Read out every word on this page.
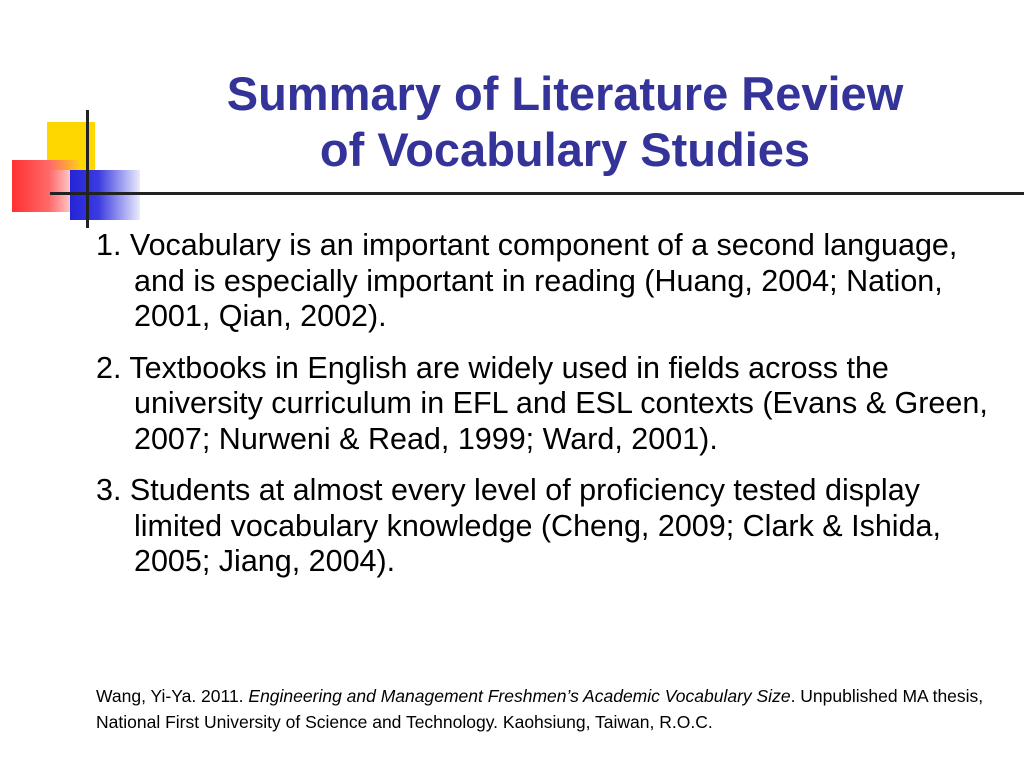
Summary of Literature Review
of Vocabulary Studies
1. Vocabulary is an important component of a second language, and is especially important in reading (Huang, 2004; Nation, 2001, Qian, 2002).
2. Textbooks in English are widely used in fields across the university curriculum in EFL and ESL contexts (Evans & Green, 2007; Nurweni & Read, 1999; Ward, 2001).
3. Students at almost every level of proficiency tested display limited vocabulary knowledge (Cheng, 2009; Clark & Ishida, 2005; Jiang, 2004).

Wang, Yi-Ya. 2011. Engineering and Management Freshmen’s Academic Vocabulary Size. Unpublished MA thesis, National First University of Science and Technology. Kaohsiung, Taiwan, R.O.C.
